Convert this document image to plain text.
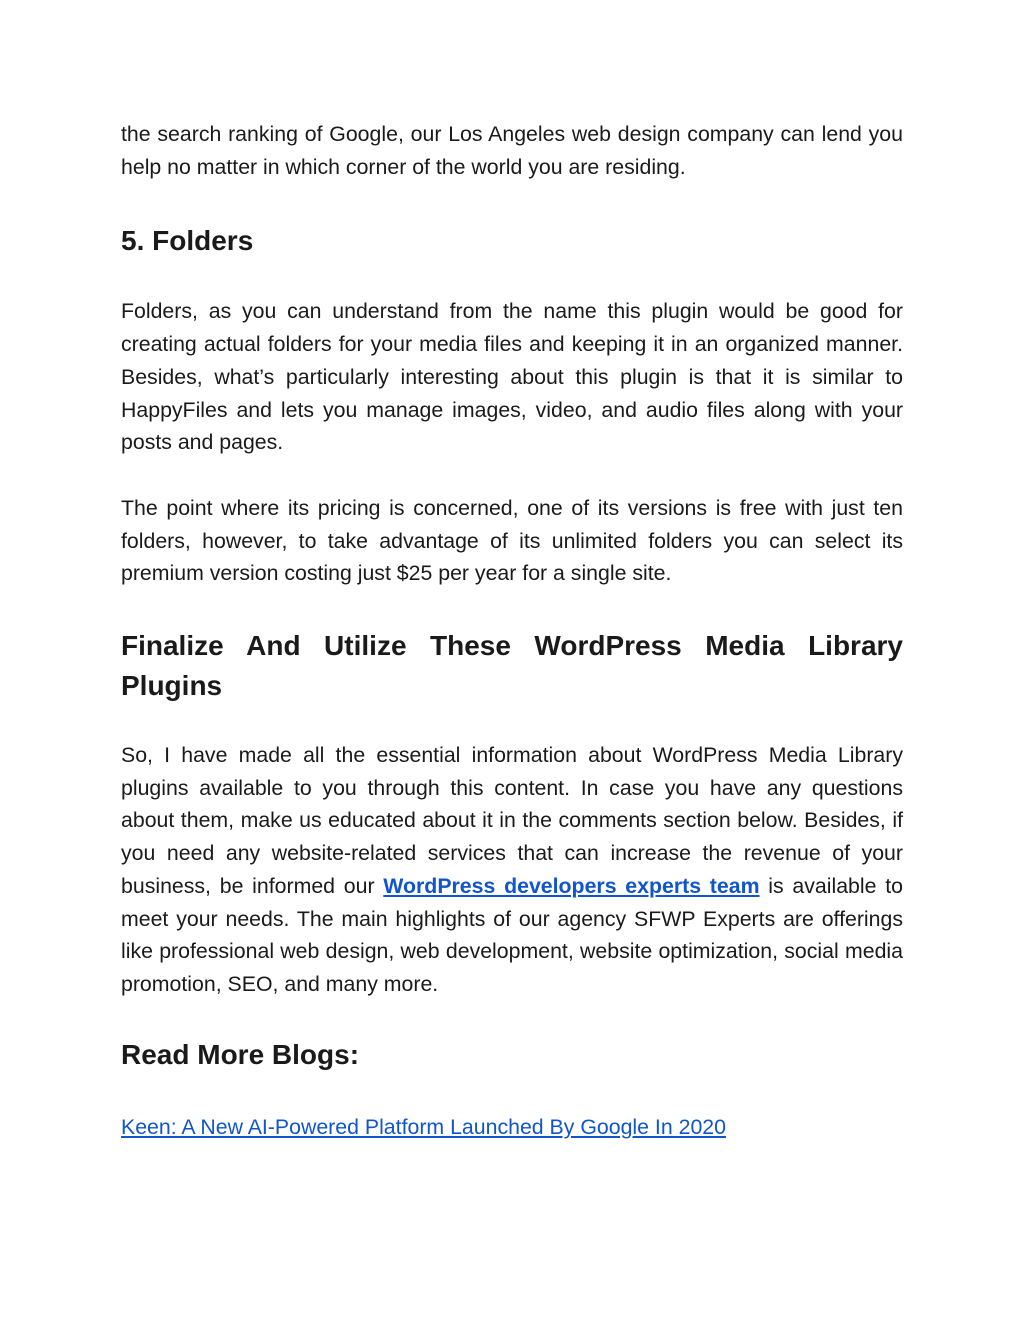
the search ranking of Google, our Los Angeles web design company can lend you help no matter in which corner of the world you are residing.

5. Folders

Folders, as you can understand from the name this plugin would be good for creating actual folders for your media files and keeping it in an organized manner. Besides, what’s particularly interesting about this plugin is that it is similar to HappyFiles and lets you manage images, video, and audio files along with your posts and pages.

The point where its pricing is concerned, one of its versions is free with just ten folders, however, to take advantage of its unlimited folders you can select its premium version costing just $25 per year for a single site.

Finalize And Utilize These WordPress Media Library Plugins

So, I have made all the essential information about WordPress Media Library plugins available to you through this content. In case you have any questions about them, make us educated about it in the comments section below. Besides, if you need any website-related services that can increase the revenue of your business, be informed our WordPress developers experts team is available to meet your needs. The main highlights of our agency SFWP Experts are offerings like professional web design, web development, website optimization, social media promotion, SEO, and many more.

Read More Blogs:
Keen: A New AI-Powered Platform Launched By Google In 2020
